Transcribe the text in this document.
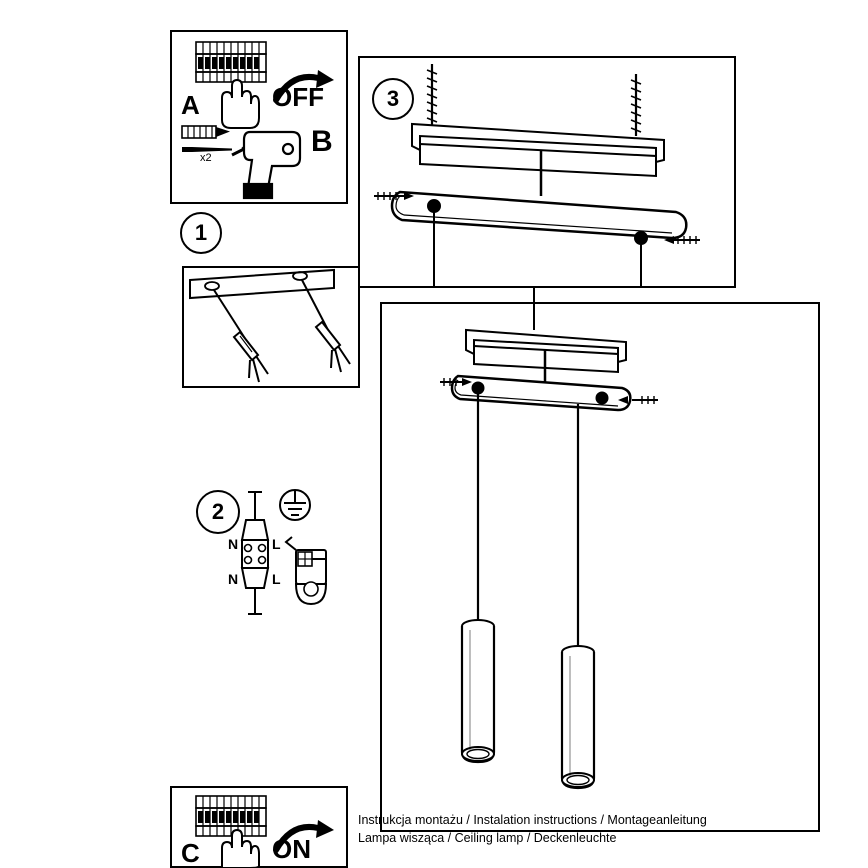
A
B
OFF
x2
1
2
N L
N L
C	ON
3
Instrukcja montażu / Instalation instructions / Montageanleitung
Lampa wisząca / Ceiling lamp / Deckenleuchte
